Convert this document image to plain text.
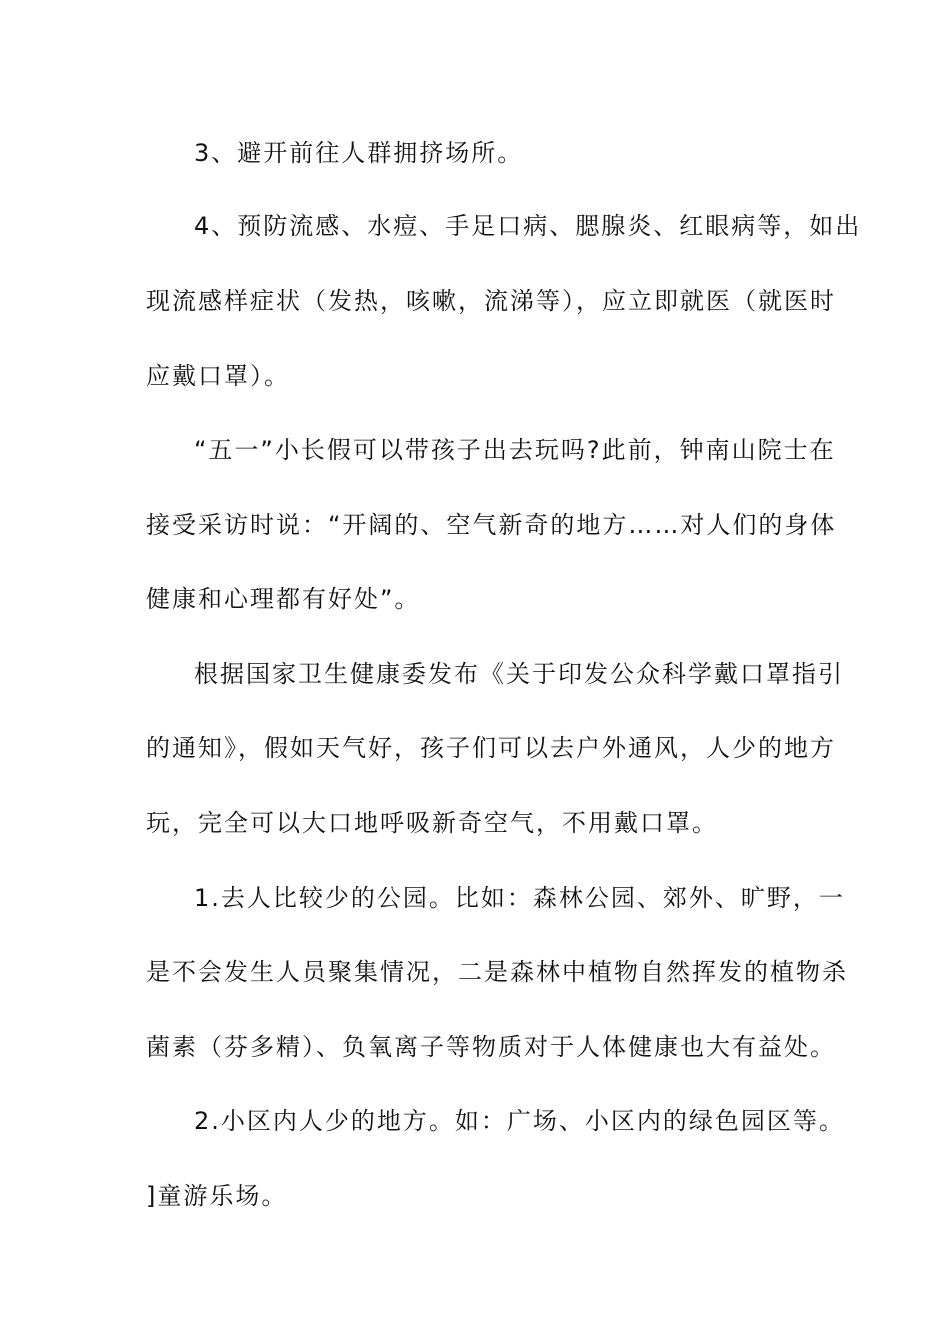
3、避开前往人群拥挤场所。
4、预防流感、水痘、手足口病、腮腺炎、红眼病等，如出
现流感样症状（发热，咳嗽，流涕等），应立即就医（就医时
应戴口罩）。
“五一”小长假可以带孩子出去玩吗?此前，钟南山院士在
接受采访时说：“开阔的、空气新奇的地方……对人们的身体
健康和心理都有好处”。
根据国家卫生健康委发布《关于印发公众科学戴口罩指引
的通知》，假如天气好，孩子们可以去户外通风，人少的地方
玩，完全可以大口地呼吸新奇空气，不用戴口罩。
1.去人比较少的公园。比如：森林公园、郊外、旷野，一
是不会发生人员聚集情况，二是森林中植物自然挥发的植物杀
菌素（芬多精）、负氧离子等物质对于人体健康也大有益处。
2.小区内人少的地方。如：广场、小区内的绿色园区等。
]童游乐场。
